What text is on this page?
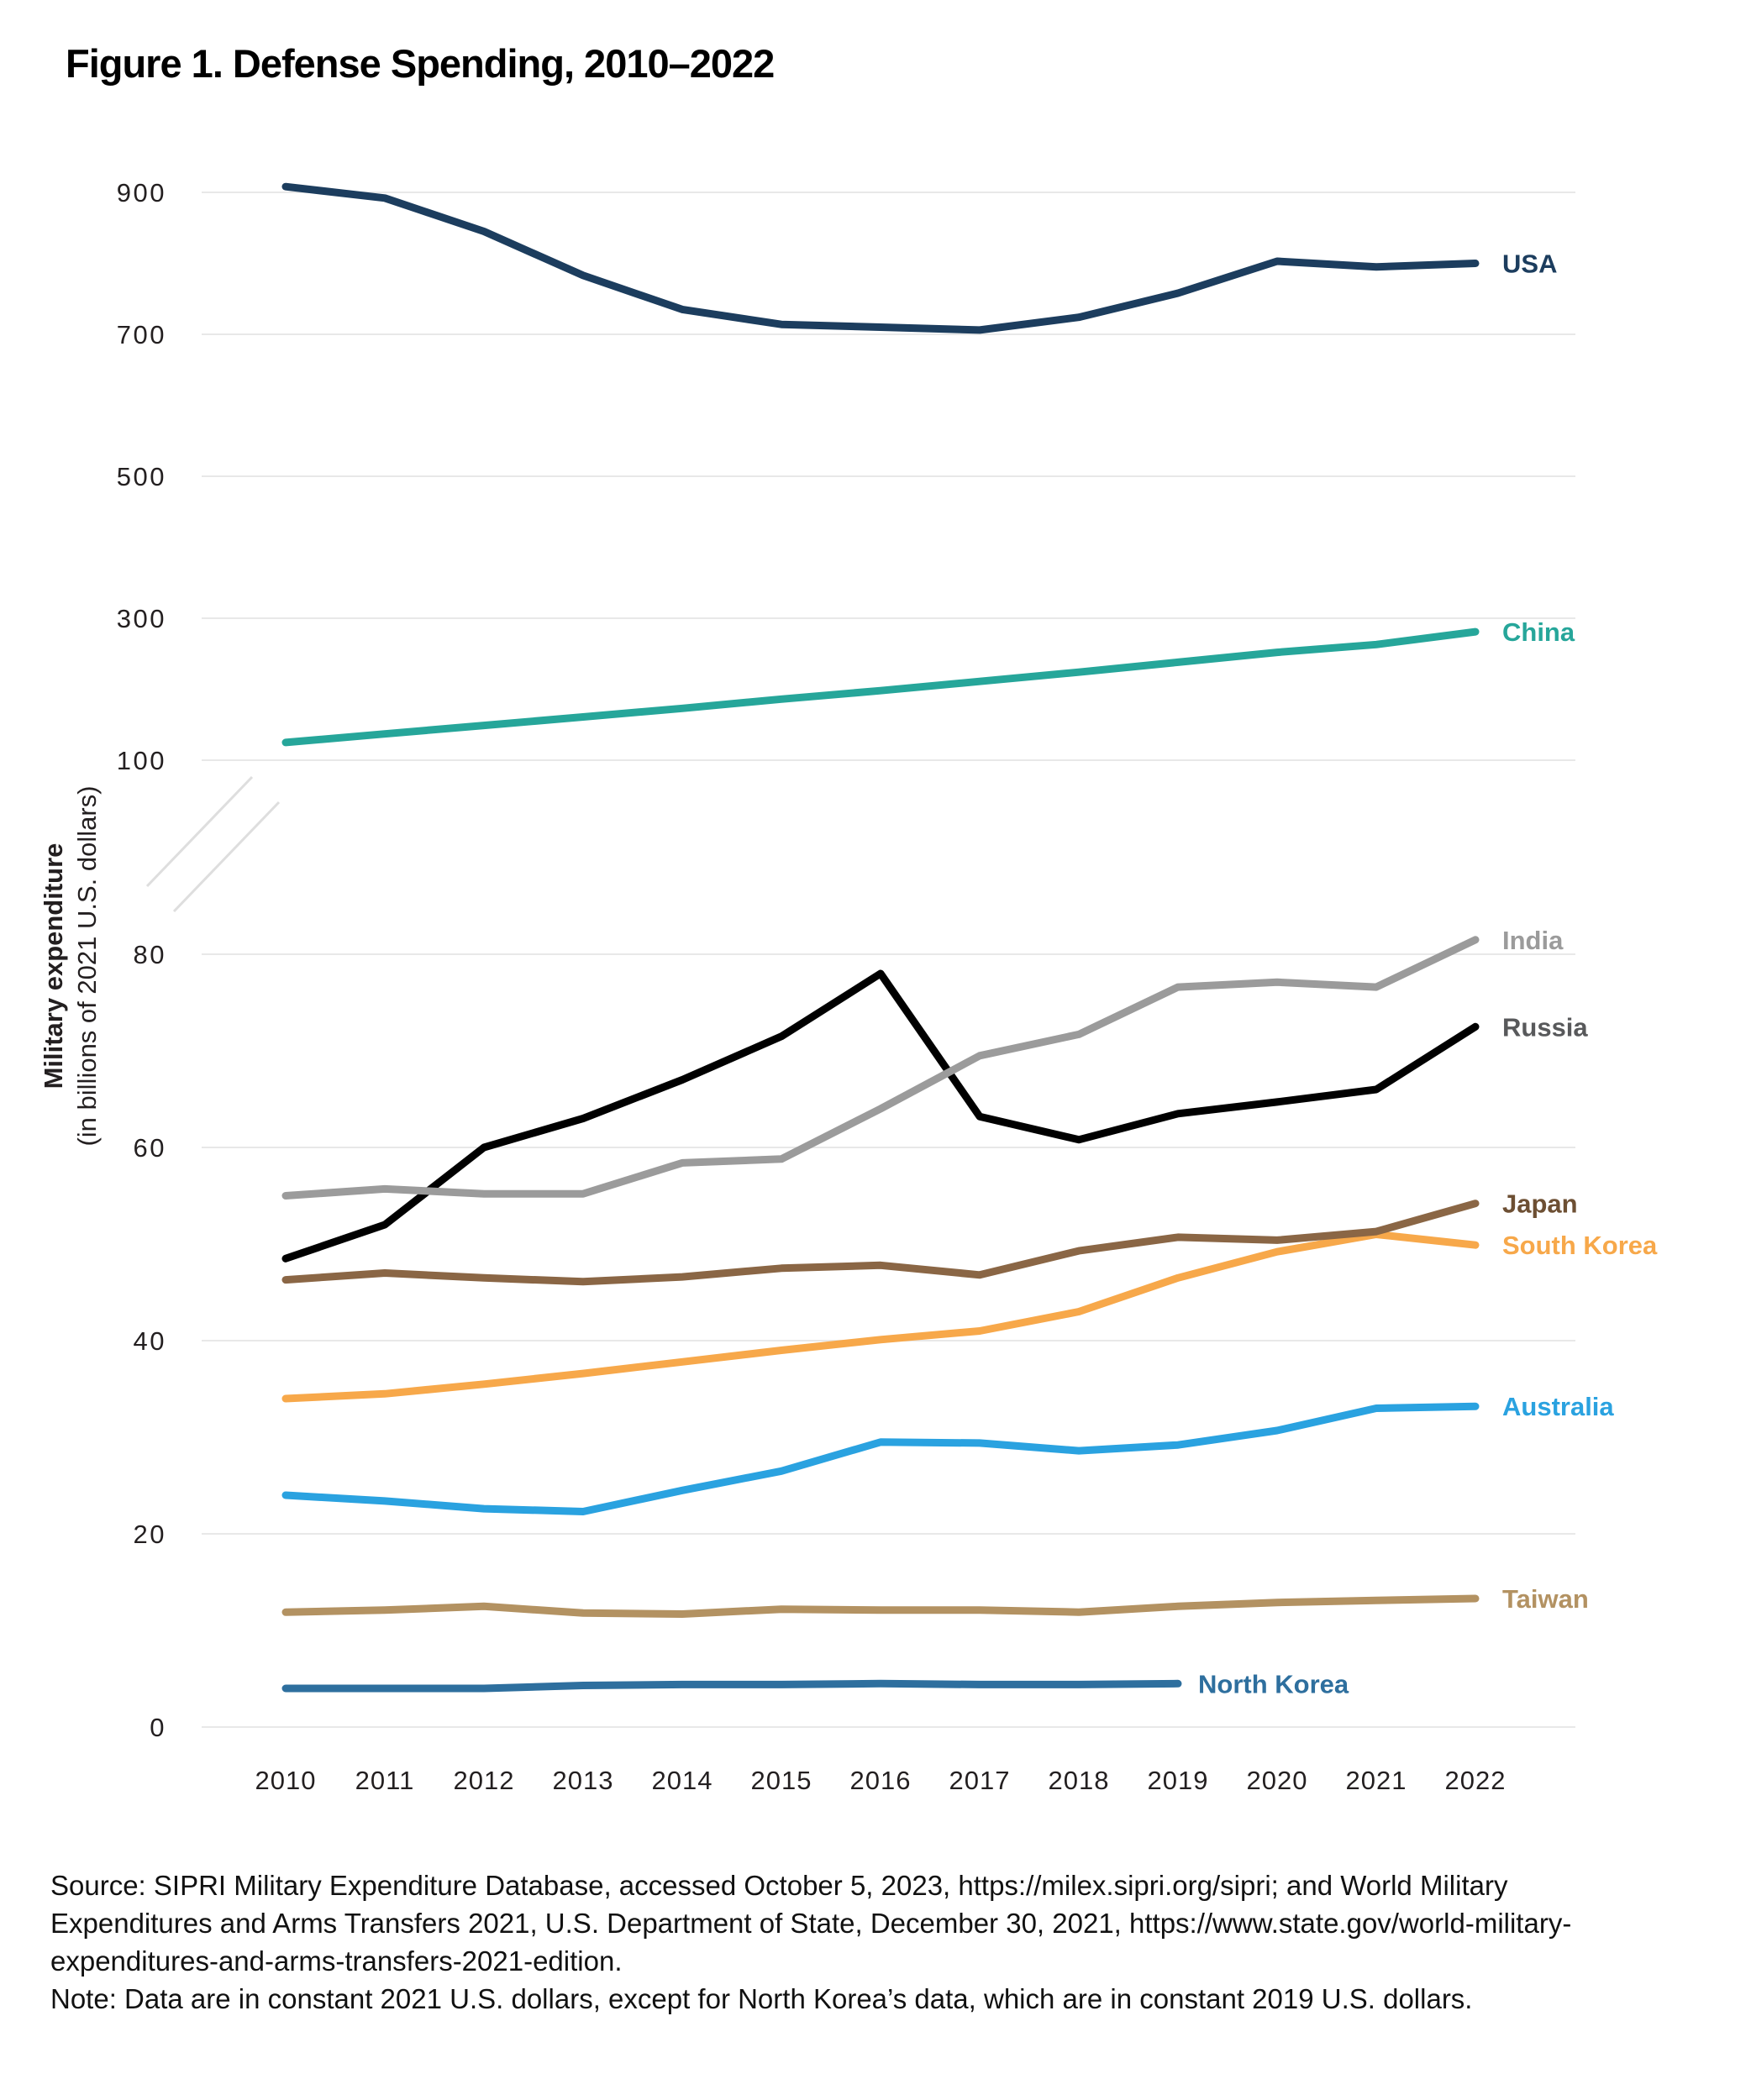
Figure 1. Defense Spending, 2010–2022
Military expenditure (in billions of 2021 U.S. dollars)
900
700
500
300
100
80
60
40
20
0
2010 2011 2012 2013 2014 2015 2016 2017 2018 2019 2020 2021 2022
USA
China
Russia
India
South Korea
Japan
Australia
Taiwan
North Korea
Source: SIPRI Military Expenditure Database, accessed October 5, 2023, https://milex.sipri.org/sipri; and World Military
Expenditures and Arms Transfers 2021, U.S. Department of State, December 30, 2021, https://www.state.gov/world-military-
expenditures-and-arms-transfers-2021-edition.
Note: Data are in constant 2021 U.S. dollars, except for North Korea’s data, which are in constant 2019 U.S. dollars.
